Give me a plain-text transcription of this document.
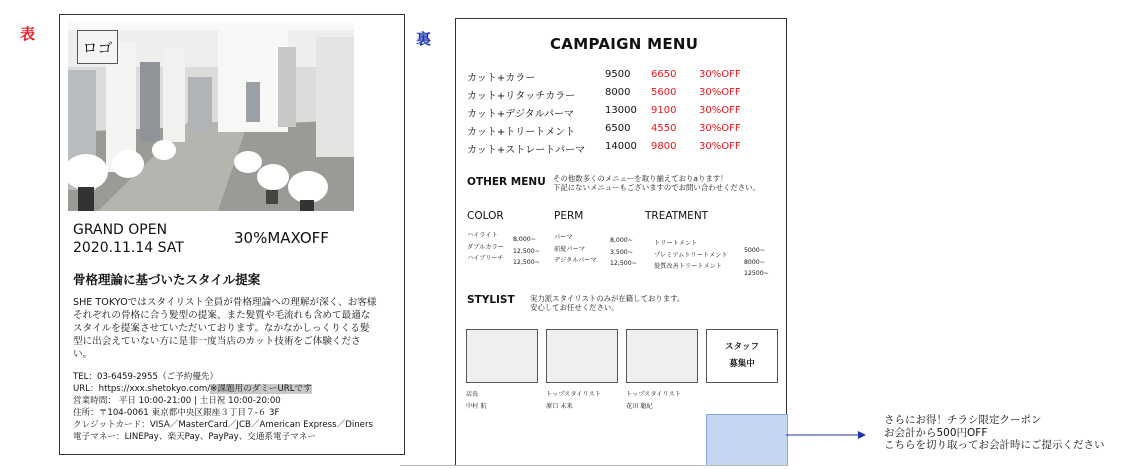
表
ロゴ
GRAND OPEN
2020.11.14 SAT
30%MAXOFF
骨格理論に基づいたスタイル提案
SHE TOKYOではスタイリスト全員が骨格理論への理解が深く、お客様それぞれの骨格に合う髪型の提案、また髪質や毛流れも含めて最適なスタイルを提案させていただいております。なかなかしっくりくる髪型に出会えていない方に是非一度当店のカット技術をご体験ください。
TEL：03-6459-2955（ご予約優先）
URL：https://xxx.shetokyo.com/※課題用のダミーURLです
営業時間： 平日 10:00-21:00 | 土日祝 10:00-20:00
住所：〒104-0061 東京都中央区銀座３丁目７-６ 3F
クレジットカード：VISA／MasterCard／JCB／American Express／Diners
電子マネー：LINEPay、楽天Pay、PayPay、交通系電子マネー
裏	CAMPAIGN MENU
カット+カラー	9500 6650 30%OFF
カット+リタッチカラー	8000 5600 30%OFF
カット+デジタルパーマ	13000 9100 30%OFF
カット+トリートメント	6500 4550 30%OFF
カット+ストレートパーマ 14000 9800 30%OFF
OTHER MENU その他数多くのメニューを取り揃えておりaります！
下記にないメニューもございますのでお問い合わせください。
COLOR	PERM	TREATMENT
ハイライト
8,000~
ダブルカラー
12,500~
ハイブリーチ
12,500~
パーマ	8,000~
前髪パーマ	3,500~
デジタルパーマ 12,500~
トリートメント
5000~
プレミアムトリートメント
8000~
髪質改善トリートメント
12500~
STYLIST 実力派スタイリストのみが在籍しております。
安心してお任せください。
スタッフ
募集中
店長
中村 航
トップスタイリスト
原口 未来
トップスタイリスト
花田 聡紀
さらにお得！チラシ限定クーポン
お会計から500円OFF
こちらを切り取ってお会計時にご提示ください
